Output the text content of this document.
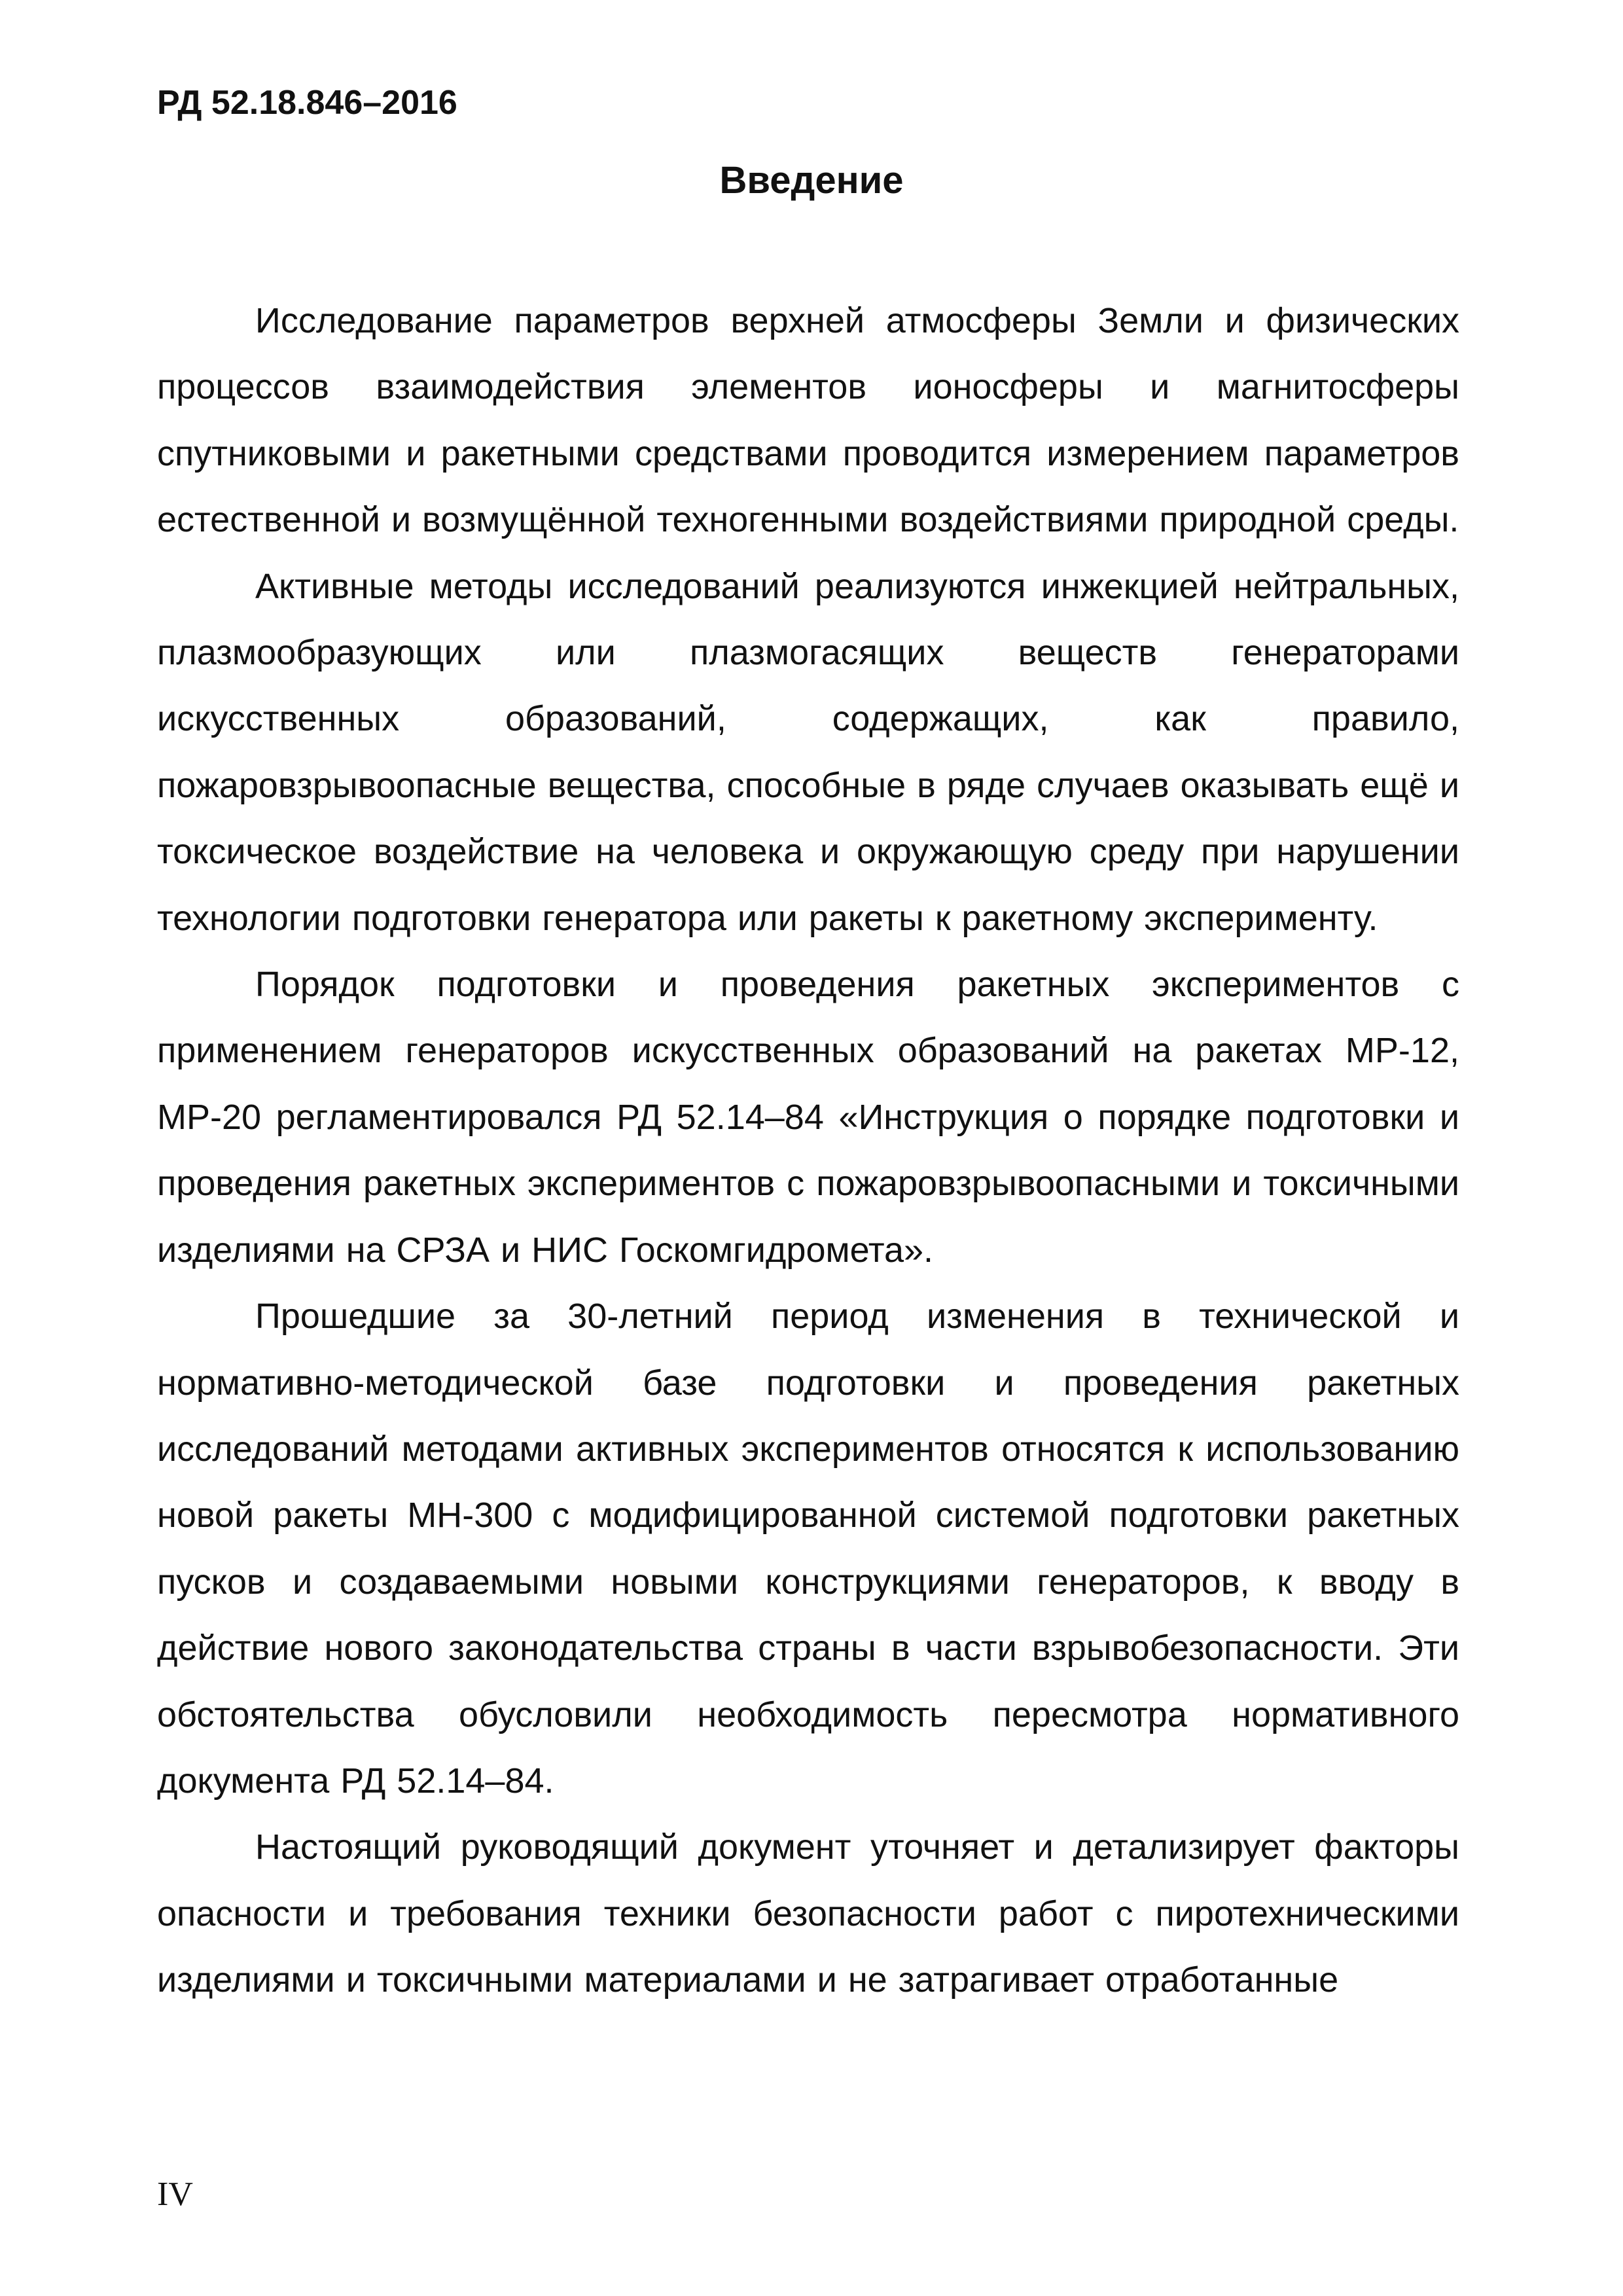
РД 52.18.846–2016
Введение

Исследование параметров верхней атмосферы Земли и физических процессов взаимодействия элементов ионосферы и магнитосферы спутниковыми и ракетными средствами проводится измерением параметров естественной и возмущённой техногенными воздействиями природной среды.

Активные методы исследований реализуются инжекцией нейтральных, плазмообразующих или плазмогасящих веществ генераторами искусственных образований, содержащих, как правило, пожаровзрывоопасные вещества, способные в ряде случаев оказывать ещё и токсическое воздействие на человека и окружающую среду при нарушении технологии подготовки генератора или ракеты к ракетному эксперименту.

Порядок подготовки и проведения ракетных экспериментов с применением генераторов искусственных образований на ракетах МР-12, МР-20 регламентировался РД 52.14–84 «Инструкция о порядке подготовки и проведения ракетных экспериментов с пожаровзрывоопасными и токсичными изделиями на СРЗА и НИС Госкомгидромета».

Прошедшие за 30-летний период изменения в технической и нормативно-методической базе подготовки и проведения ракетных исследований методами активных экспериментов относятся к использованию новой ракеты МН-300 с модифицированной системой подготовки ракетных пусков и создаваемыми новыми конструкциями генераторов, к вводу в действие нового законодательства страны в части взрывобезопасности. Эти обстоятельства обусловили необходимость пересмотра нормативного документа РД 52.14–84.

Настоящий руководящий документ уточняет и детализирует факторы опасности и требования техники безопасности работ с пиротехническими изделиями и токсичными материалами и не затрагивает отработанные

IV
